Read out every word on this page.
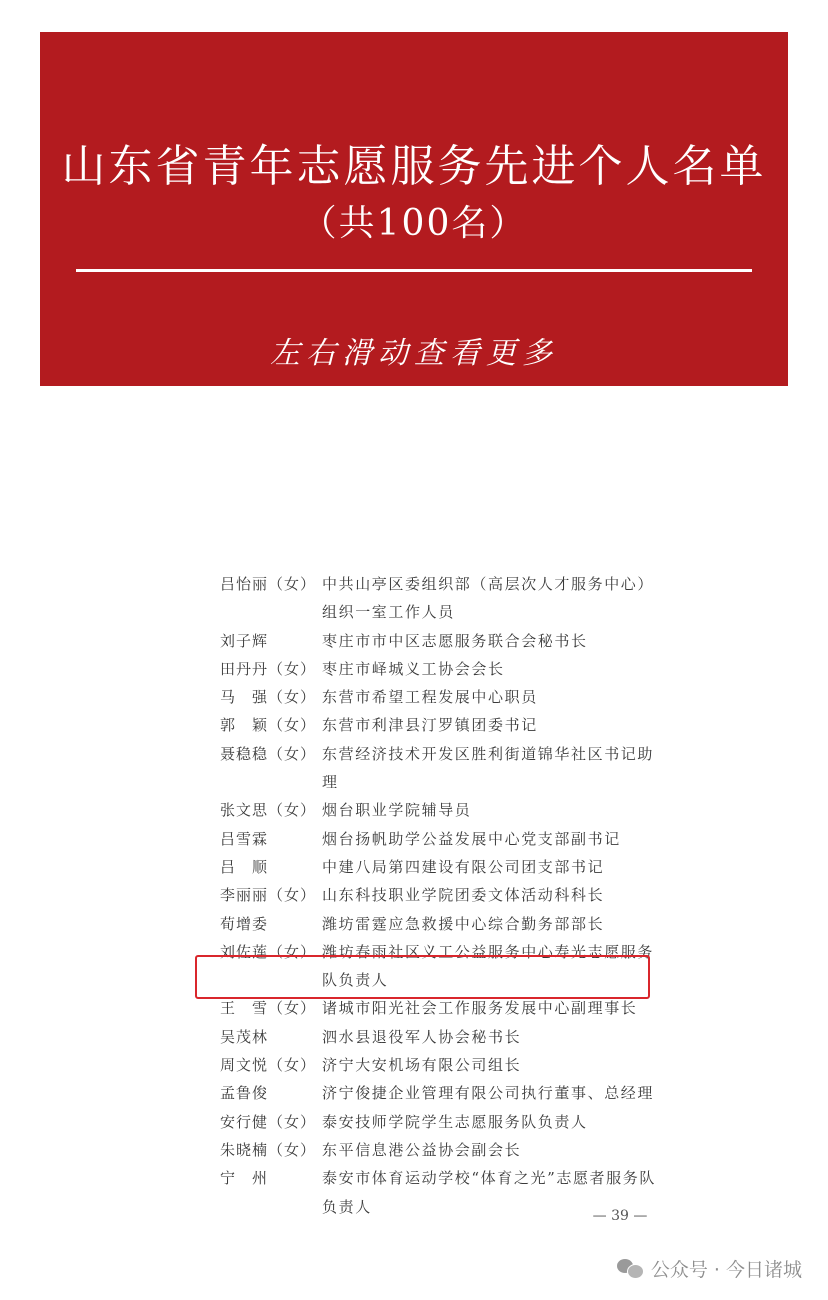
山东省青年志愿服务先进个人名单
（共100名）
左右滑动查看更多
吕怡丽（女） 中共山亭区委组织部（高层次人才服务中心）组织一室工作人员
刘子辉	枣庄市市中区志愿服务联合会秘书长
田丹丹（女） 枣庄市峄城义工协会会长
马　强（女） 东营市希望工程发展中心职员
郭　颖（女） 东营市利津县汀罗镇团委书记
聂稳稳（女） 东营经济技术开发区胜利街道锦华社区书记助理
张文思（女） 烟台职业学院辅导员
吕雪霖	烟台扬帆助学公益发展中心党支部副书记
吕　顺	中建八局第四建设有限公司团支部书记
李丽丽（女） 山东科技职业学院团委文体活动科科长
荀增委	潍坊雷霆应急救援中心综合勤务部部长
刘佐莲（女） 潍坊春雨社区义工公益服务中心寿光志愿服务队负责人
王　雪（女） 诸城市阳光社会工作服务发展中心副理事长
吴茂林	泗水县退役军人协会秘书长
周文悦（女） 济宁大安机场有限公司组长
孟鲁俊	济宁俊捷企业管理有限公司执行董事、总经理
安行健（女） 泰安技师学院学生志愿服务队负责人
朱晓楠（女） 东平信息港公益协会副会长
宁　州	泰安市体育运动学校“体育之光”志愿者服务队负责人
— 39 —
公众号 · 今日诸城
